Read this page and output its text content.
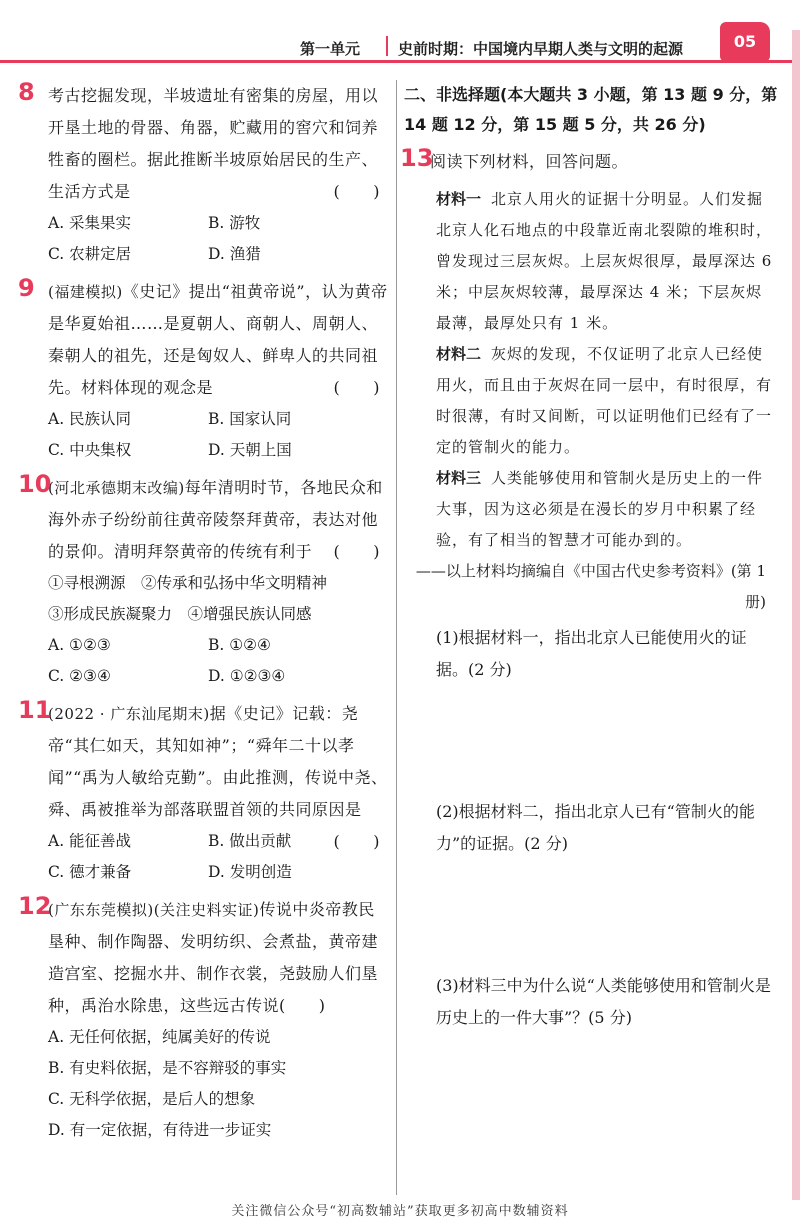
第一单元	史前时期：中国境内早期人类与文明的起源	05
8 考古挖掘发现，半坡遗址有密集的房屋，用以开垦土地的骨器、角器，贮藏用的窖穴和饲养牲畜的圈栏。据此推断半坡原始居民的生产、生活方式是	(　　)
A. 采集果实	B. 游牧
C. 农耕定居	D. 渔猎
9 (福建模拟)《史记》提出“祖黄帝说”，认为黄帝是华夏始祖……是夏朝人、商朝人、周朝人、秦朝人的祖先，还是匈奴人、鲜卑人的共同祖先。材料体现的观念是	(　　)
A. 民族认同	B. 国家认同
C. 中央集权	D. 天朝上国
10
(河北承德期末改编)每年清明时节，各地民众和海外赤子纷纷前往黄帝陵祭拜黄帝，表达对他的景仰。清明拜祭黄帝的传统有利于 (　　)
①寻根溯源　②传承和弘扬中华文明精神
③形成民族凝聚力　④增强民族认同感
A. ①②③	B. ①②④
C. ②③④	D. ①②③④
11
(2022 · 广东汕尾期末)据《史记》记载：尧帝“其仁如天，其知如神”；“舜年二十以孝闻”“禹为人敏给克勤”。由此推测，传说中尧、舜、禹被推举为部落联盟首领的共同原因是
(　　)
A. 能征善战	B. 做出贡献
C. 德才兼备	D. 发明创造
12
(广东东莞模拟)(关注史料实证)传说中炎帝教民垦种、制作陶器、发明纺织、会煮盐，黄帝建造宫室、挖掘水井、制作衣裳，尧鼓励人们垦种，禹治水除患，这些远古传说(　　)
A. 无任何依据，纯属美好的传说
B. 有史料依据，是不容辩驳的事实
C. 无科学依据，是后人的想象
D. 有一定依据，有待进一步证实
二、非选择题(本大题共 3 小题，第 13 题 9 分，第 14 题 12 分，第 15 题 5 分，共 26 分)
13
阅读下列材料，回答问题。
材料一 北京人用火的证据十分明显。人们发掘北京人化石地点的中段靠近南北裂隙的堆积时，曾发现过三层灰烬。上层灰烬很厚，最厚深达 6 米；中层灰烬较薄，最厚深达 4 米；下层灰烬最薄，最厚处只有 1 米。
材料二 灰烬的发现，不仅证明了北京人已经使用火，而且由于灰烬在同一层中，有时很厚，有时很薄，有时又间断，可以证明他们已经有了一定的管制火的能力。
材料三 人类能够使用和管制火是历史上的一件大事，因为这必须是在漫长的岁月中积累了经验，有了相当的智慧才可能办到的。
——以上材料均摘编自《中国古代史参考资料》(第 1 册)
(1)根据材料一，指出北京人已能使用火的证据。(2 分)
(2)根据材料二，指出北京人已有“管制火的能力”的证据。(2 分)
(3)材料三中为什么说“人类能够使用和管制火是历史上的一件大事”？(5 分)
关注微信公众号“初高数辅站”获取更多初高中数辅资料
